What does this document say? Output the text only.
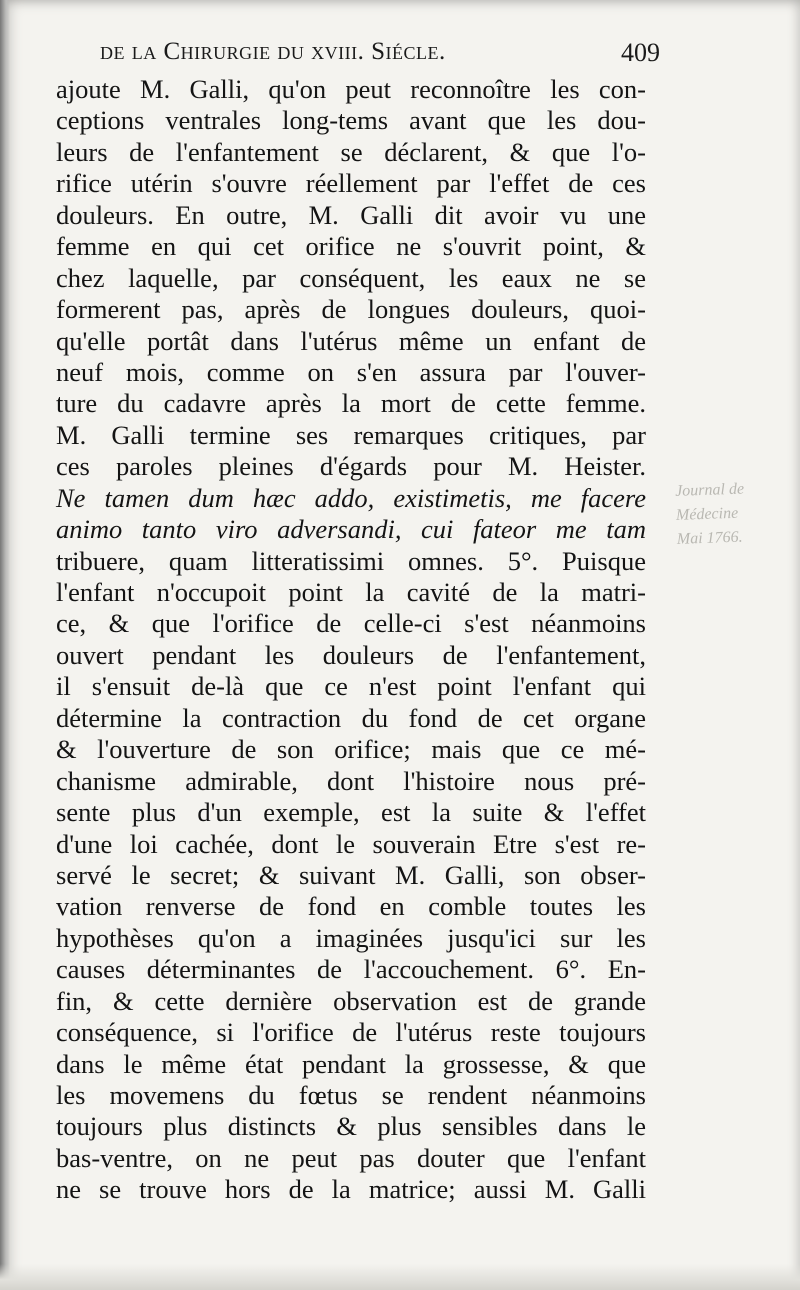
de la Chirurgie du xviii. Siécle.	409
ajoute M. Galli, qu'on peut reconnoître les con-
ceptions ventrales long-tems avant que les dou-
leurs de l'enfantement se déclarent, & que l'o-
rifice utérin s'ouvre réellement par l'effet de ces
douleurs. En outre, M. Galli dit avoir vu une
femme en qui cet orifice ne s'ouvrit point, &
chez laquelle, par conséquent, les eaux ne se
formerent pas, après de longues douleurs, quoi-
qu'elle portât dans l'utérus même un enfant de
neuf mois, comme on s'en assura par l'ouver-
ture du cadavre après la mort de cette femme.
M. Galli termine ses remarques critiques, par
ces paroles pleines d'égards pour M. Heister.
Ne tamen dum hæc addo, existimetis, me facere
animo tanto viro adversandi, cui fateor me tam
tribuere, quam litteratissimi omnes. 5°. Puisque
l'enfant n'occupoit point la cavité de la matri-
ce, & que l'orifice de celle-ci s'est néanmoins
ouvert pendant les douleurs de l'enfantement,
il s'ensuit de-là que ce n'est point l'enfant qui
détermine la contraction du fond de cet organe
& l'ouverture de son orifice; mais que ce mé-
chanisme admirable, dont l'histoire nous pré-
sente plus d'un exemple, est la suite & l'effet
d'une loi cachée, dont le souverain Etre s'est re-
servé le secret; & suivant M. Galli, son obser-
vation renverse de fond en comble toutes les
hypothèses qu'on a imaginées jusqu'ici sur les
causes déterminantes de l'accouchement. 6°. En-
fin, & cette dernière observation est de grande
conséquence, si l'orifice de l'utérus reste toujours
dans le même état pendant la grossesse, & que
les movemens du fœtus se rendent néanmoins
toujours plus distincts & plus sensibles dans le
bas-ventre, on ne peut pas douter que l'enfant
ne se trouve hors de la matrice; aussi M. Galli
Journal de
Médecine
Mai 1766.
